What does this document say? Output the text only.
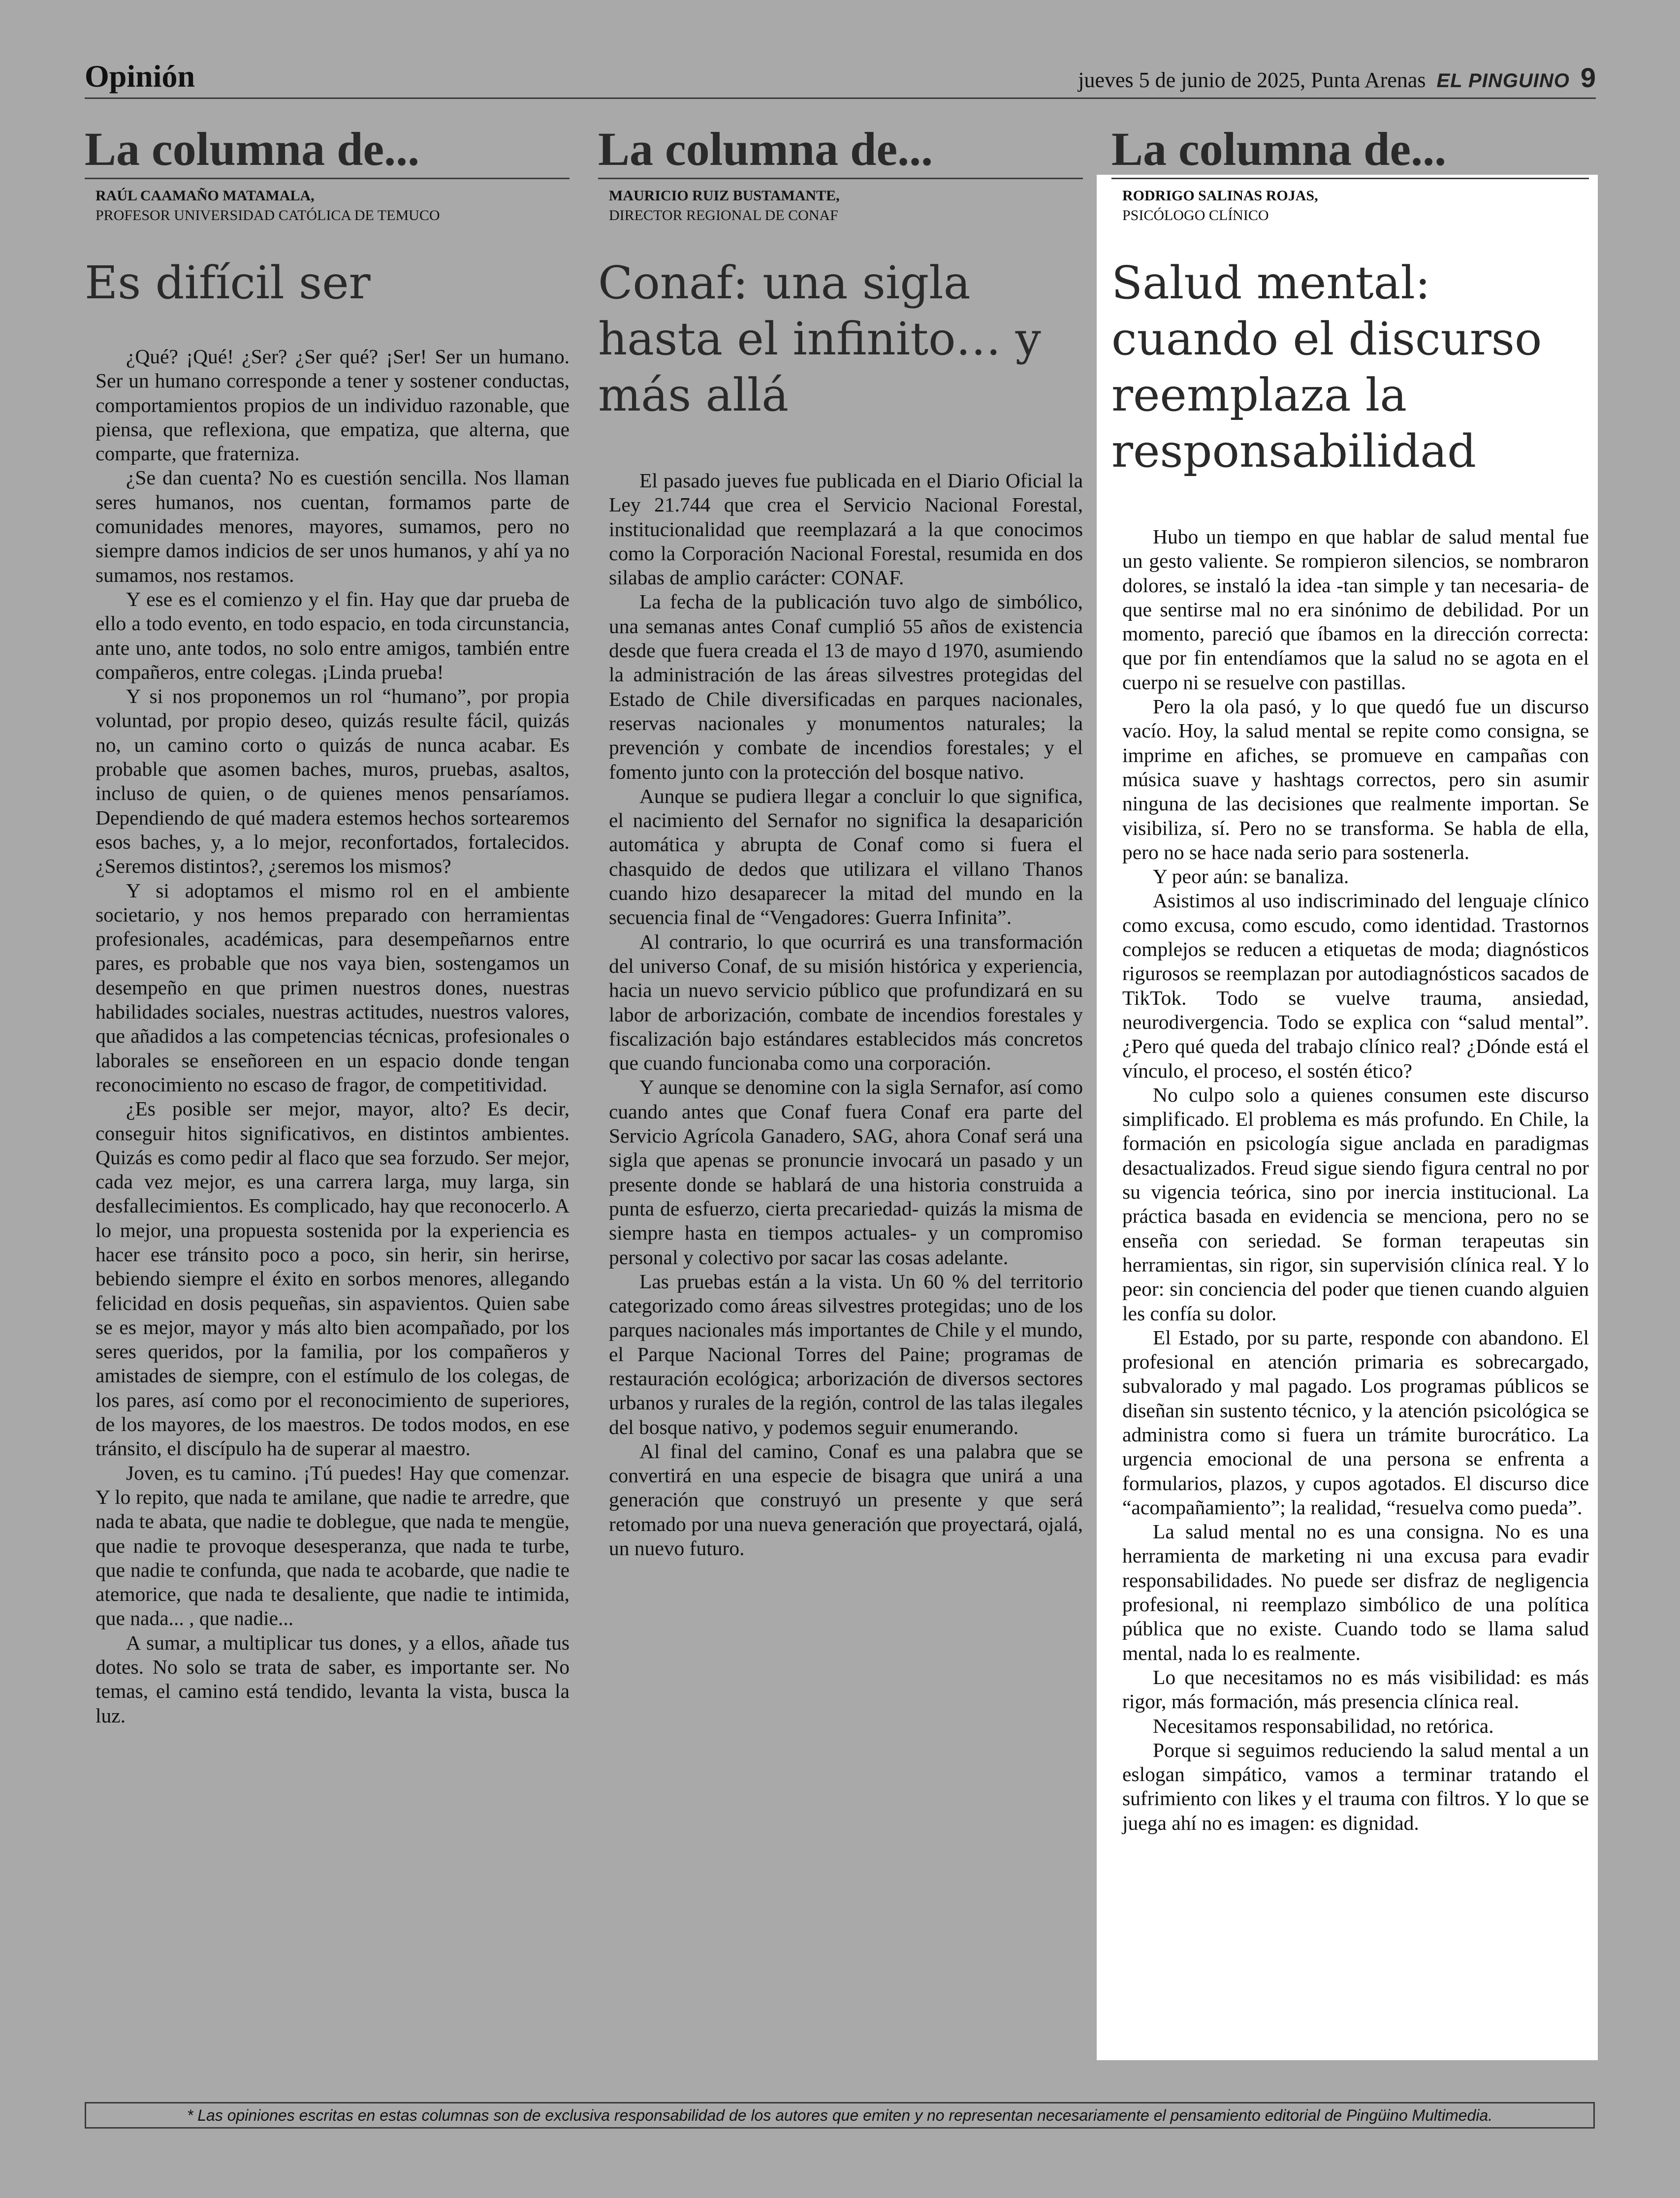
Opinión	jueves 5 de junio de 2025, Punta Arenas EL PINGUINO 9
La columna de...
RAÚL CAAMAÑO MATAMALA,
PROFESOR UNIVERSIDAD CATÓLICA DE TEMUCO
Es difícil ser

¿Qué? ¡Qué! ¿Ser? ¿Ser qué? ¡Ser! Ser un humano. Ser un humano corresponde a tener y sostener conductas, comportamientos propios de un individuo razonable, que piensa, que reflexiona, que empatiza, que alterna, que comparte, que fraterniza.

¿Se dan cuenta? No es cuestión sencilla. Nos llaman seres humanos, nos cuentan, formamos parte de comunidades menores, mayores, sumamos, pero no siempre damos indicios de ser unos humanos, y ahí ya no sumamos, nos restamos.

Y ese es el comienzo y el fin. Hay que dar prueba de ello a todo evento, en todo espacio, en toda circunstancia, ante uno, ante todos, no solo entre amigos, también entre compañeros, entre colegas. ¡Linda prueba!

Y si nos proponemos un rol “humano”, por propia voluntad, por propio deseo, quizás resulte fácil, quizás no, un camino corto o quizás de nunca acabar. Es probable que asomen baches, muros, pruebas, asaltos, incluso de quien, o de quienes menos pensaríamos. Dependiendo de qué madera estemos hechos sortearemos esos baches, y, a lo mejor, reconfortados, fortalecidos. ¿Seremos distintos?, ¿seremos los mismos?

Y si adoptamos el mismo rol en el ambiente societario, y nos hemos preparado con herramientas profesionales, académicas, para desempeñarnos entre pares, es probable que nos vaya bien, sostengamos un desempeño en que primen nuestros dones, nuestras habilidades sociales, nuestras actitudes, nuestros valores, que añadidos a las competencias técnicas, profesionales o laborales se enseñoreen en un espacio donde tengan reconocimiento no escaso de fragor, de competitividad.

¿Es posible ser mejor, mayor, alto? Es decir, conseguir hitos significativos, en distintos ambientes. Quizás es como pedir al flaco que sea forzudo. Ser mejor, cada vez mejor, es una carrera larga, muy larga, sin desfallecimientos. Es complicado, hay que reconocerlo. A lo mejor, una propuesta sostenida por la experiencia es hacer ese tránsito poco a poco, sin herir, sin herirse, bebiendo siempre el éxito en sorbos menores, allegando felicidad en dosis pequeñas, sin aspavientos. Quien sabe se es mejor, mayor y más alto bien acompañado, por los seres queridos, por la familia, por los compañeros y amistades de siempre, con el estímulo de los colegas, de los pares, así como por el reconocimiento de superiores, de los mayores, de los maestros. De todos modos, en ese tránsito, el discípulo ha de superar al maestro.

Joven, es tu camino. ¡Tú puedes! Hay que comenzar. Y lo repito, que nada te amilane, que nadie te arredre, que nada te abata, que nadie te doblegue, que nada te mengüe, que nadie te provoque desesperanza, que nada te turbe, que nadie te confunda, que nada te acobarde, que nadie te atemorice, que nada te desaliente, que nadie te intimida, que nada... , que nadie...

A sumar, a multiplicar tus dones, y a ellos, añade tus dotes. No solo se trata de saber, es importante ser. No temas, el camino está tendido, levanta la vista, busca la luz.

La columna de...
MAURICIO RUIZ BUSTAMANTE,
DIRECTOR REGIONAL DE CONAF
Conaf: una sigla hasta el infinito… y más allá

El pasado jueves fue publicada en el Diario Oficial la Ley 21.744 que crea el Servicio Nacional Forestal, institucionalidad que reemplazará a la que conocimos como la Corporación Nacional Forestal, resumida en dos silabas de amplio carácter: CONAF.

La fecha de la publicación tuvo algo de simbólico, una semanas antes Conaf cumplió 55 años de existencia desde que fuera creada el 13 de mayo d 1970, asumiendo la administración de las áreas silvestres protegidas del Estado de Chile diversificadas en parques nacionales, reservas nacionales y monumentos naturales; la prevención y combate de incendios forestales; y el fomento junto con la protección del bosque nativo.

Aunque se pudiera llegar a concluir lo que significa, el nacimiento del Sernafor no significa la desaparición automática y abrupta de Conaf como si fuera el chasquido de dedos que utilizara el villano Thanos cuando hizo desaparecer la mitad del mundo en la secuencia final de “Vengadores: Guerra Infinita”.

Al contrario, lo que ocurrirá es una transformación del universo Conaf, de su misión histórica y experiencia, hacia un nuevo servicio público que profundizará en su labor de arborización, combate de incendios forestales y fiscalización bajo estándares establecidos más concretos que cuando funcionaba como una corporación.

Y aunque se denomine con la sigla Sernafor, así como cuando antes que Conaf fuera Conaf era parte del Servicio Agrícola Ganadero, SAG, ahora Conaf será una sigla que apenas se pronuncie invocará un pasado y un presente donde se hablará de una historia construida a punta de esfuerzo, cierta precariedad- quizás la misma de siempre hasta en tiempos actuales- y un compromiso personal y colectivo por sacar las cosas adelante.

Las pruebas están a la vista. Un 60 % del territorio categorizado como áreas silvestres protegidas; uno de los parques nacionales más importantes de Chile y el mundo, el Parque Nacional Torres del Paine; programas de restauración ecológica; arborización de diversos sectores urbanos y rurales de la región, control de las talas ilegales del bosque nativo, y podemos seguir enumerando.

Al final del camino, Conaf es una palabra que se convertirá en una especie de bisagra que unirá a una generación que construyó un presente y que será retomado por una nueva generación que proyectará, ojalá, un nuevo futuro.

La columna de...
RODRIGO SALINAS ROJAS,
PSICÓLOGO CLÍNICO
Salud mental: cuando el discurso reemplaza la responsabilidad

Hubo un tiempo en que hablar de salud mental fue un gesto valiente. Se rompieron silencios, se nombraron dolores, se instaló la idea -tan simple y tan necesaria- de que sentirse mal no era sinónimo de debilidad. Por un momento, pareció que íbamos en la dirección correcta: que por fin entendíamos que la salud no se agota en el cuerpo ni se resuelve con pastillas.

Pero la ola pasó, y lo que quedó fue un discurso vacío. Hoy, la salud mental se repite como consigna, se imprime en afiches, se promueve en campañas con música suave y hashtags correctos, pero sin asumir ninguna de las decisiones que realmente importan. Se visibiliza, sí. Pero no se transforma. Se habla de ella, pero no se hace nada serio para sostenerla.

Y peor aún: se banaliza.

Asistimos al uso indiscriminado del lenguaje clínico como excusa, como escudo, como identidad. Trastornos complejos se reducen a etiquetas de moda; diagnósticos rigurosos se reemplazan por autodiagnósticos sacados de TikTok. Todo se vuelve trauma, ansiedad, neurodivergencia. Todo se explica con “salud mental”. ¿Pero qué queda del trabajo clínico real? ¿Dónde está el vínculo, el proceso, el sostén ético?

No culpo solo a quienes consumen este discurso simplificado. El problema es más profundo. En Chile, la formación en psicología sigue anclada en paradigmas desactualizados. Freud sigue siendo figura central no por su vigencia teórica, sino por inercia institucional. La práctica basada en evidencia se menciona, pero no se enseña con seriedad. Se forman terapeutas sin herramientas, sin rigor, sin supervisión clínica real. Y lo peor: sin conciencia del poder que tienen cuando alguien les confía su dolor.

El Estado, por su parte, responde con abandono. El profesional en atención primaria es sobrecargado, subvalorado y mal pagado. Los programas públicos se diseñan sin sustento técnico, y la atención psicológica se administra como si fuera un trámite burocrático. La urgencia emocional de una persona se enfrenta a formularios, plazos, y cupos agotados. El discurso dice “acompañamiento”; la realidad, “resuelva como pueda”.

La salud mental no es una consigna. No es una herramienta de marketing ni una excusa para evadir responsabilidades. No puede ser disfraz de negligencia profesional, ni reemplazo simbólico de una política pública que no existe. Cuando todo se llama salud mental, nada lo es realmente.

Lo que necesitamos no es más visibilidad: es más rigor, más formación, más presencia clínica real.

Necesitamos responsabilidad, no retórica.

Porque si seguimos reduciendo la salud mental a un eslogan simpático, vamos a terminar tratando el sufrimiento con likes y el trauma con filtros. Y lo que se juega ahí no es imagen: es dignidad.

* Las opiniones escritas en estas columnas son de exclusiva responsabilidad de los autores que emiten y no representan necesariamente el pensamiento editorial de Pingüino Multimedia.
